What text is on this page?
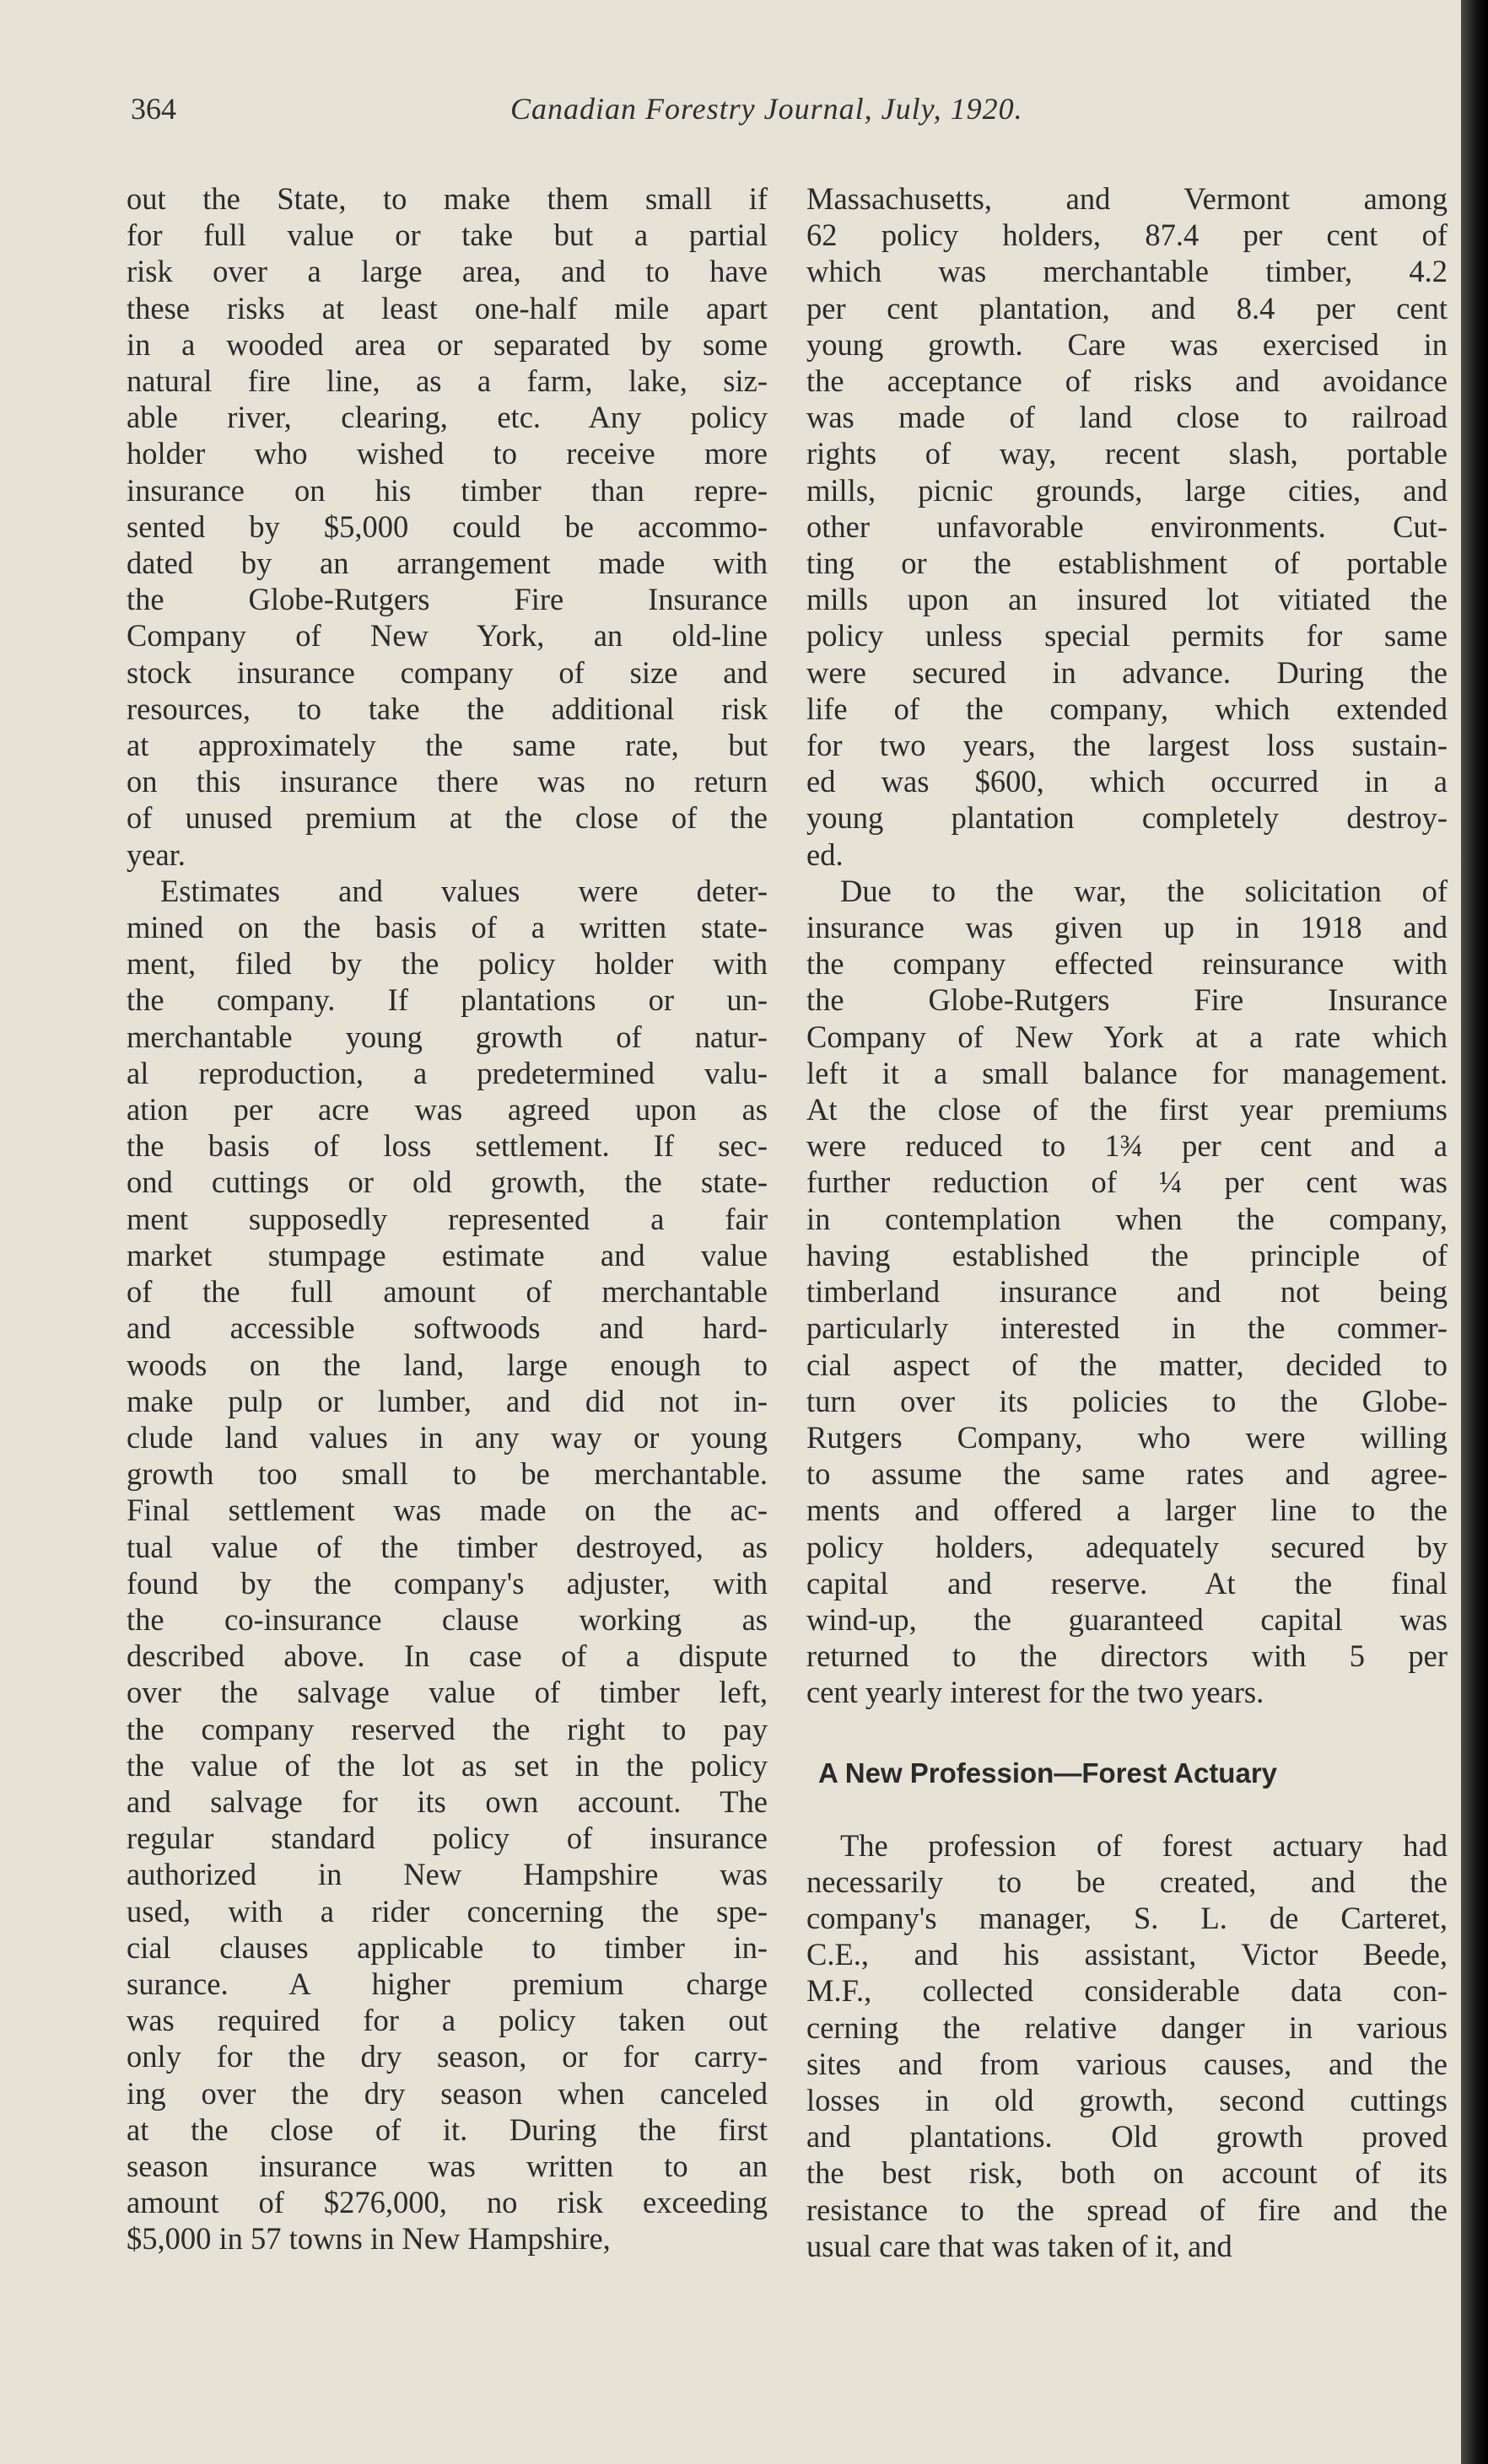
364	Canadian Forestry Journal, July, 1920.
out the State, to make them small if
for full value or take but a partial
risk over a large area, and to have
these risks at least one-half mile apart
in a wooded area or separated by some
natural fire line, as a farm, lake, siz-
able river, clearing, etc. Any policy
holder who wished to receive more
insurance on his timber than repre-
sented by $5,000 could be accommo-
dated by an arrangement made with
the Globe-Rutgers Fire Insurance
Company of New York, an old-line
stock insurance company of size and
resources, to take the additional risk
at approximately the same rate, but
on this insurance there was no return
of unused premium at the close of the
year.
Estimates and values were deter-
mined on the basis of a written state-
ment, filed by the policy holder with
the company. If plantations or un-
merchantable young growth of natur-
al reproduction, a predetermined valu-
ation per acre was agreed upon as
the basis of loss settlement. If sec-
ond cuttings or old growth, the state-
ment supposedly represented a fair
market stumpage estimate and value
of the full amount of merchantable
and accessible softwoods and hard-
woods on the land, large enough to
make pulp or lumber, and did not in-
clude land values in any way or young
growth too small to be merchantable.
Final settlement was made on the ac-
tual value of the timber destroyed, as
found by the company's adjuster, with
the co-insurance clause working as
described above. In case of a dispute
over the salvage value of timber left,
the company reserved the right to pay
the value of the lot as set in the policy
and salvage for its own account. The
regular standard policy of insurance
authorized in New Hampshire was
used, with a rider concerning the spe-
cial clauses applicable to timber in-
surance. A higher premium charge
was required for a policy taken out
only for the dry season, or for carry-
ing over the dry season when canceled
at the close of it. During the first
season insurance was written to an
amount of $276,000, no risk exceeding
$5,000 in 57 towns in New Hampshire,
Massachusetts, and Vermont among
62 policy holders, 87.4 per cent of
which was merchantable timber, 4.2
per cent plantation, and 8.4 per cent
young growth. Care was exercised in
the acceptance of risks and avoidance
was made of land close to railroad
rights of way, recent slash, portable
mills, picnic grounds, large cities, and
other unfavorable environments. Cut-
ting or the establishment of portable
mills upon an insured lot vitiated the
policy unless special permits for same
were secured in advance. During the
life of the company, which extended
for two years, the largest loss sustain-
ed was $600, which occurred in a
young plantation completely destroy-
ed.
Due to the war, the solicitation of
insurance was given up in 1918 and
the company effected reinsurance with
the Globe-Rutgers Fire Insurance
Company of New York at a rate which
left it a small balance for management.
At the close of the first year premiums
were reduced to 1¾ per cent and a
further reduction of ¼ per cent was
in contemplation when the company,
having established the principle of
timberland insurance and not being
particularly interested in the commer-
cial aspect of the matter, decided to
turn over its policies to the Globe-
Rutgers Company, who were willing
to assume the same rates and agree-
ments and offered a larger line to the
policy holders, adequately secured by
capital and reserve. At the final
wind-up, the guaranteed capital was
returned to the directors with 5 per
cent yearly interest for the two years.
A New Profession—Forest Actuary
The profession of forest actuary had
necessarily to be created, and the
company's manager, S. L. de Carteret,
C.E., and his assistant, Victor Beede,
M.F., collected considerable data con-
cerning the relative danger in various
sites and from various causes, and the
losses in old growth, second cuttings
and plantations. Old growth proved
the best risk, both on account of its
resistance to the spread of fire and the
usual care that was taken of it, and
